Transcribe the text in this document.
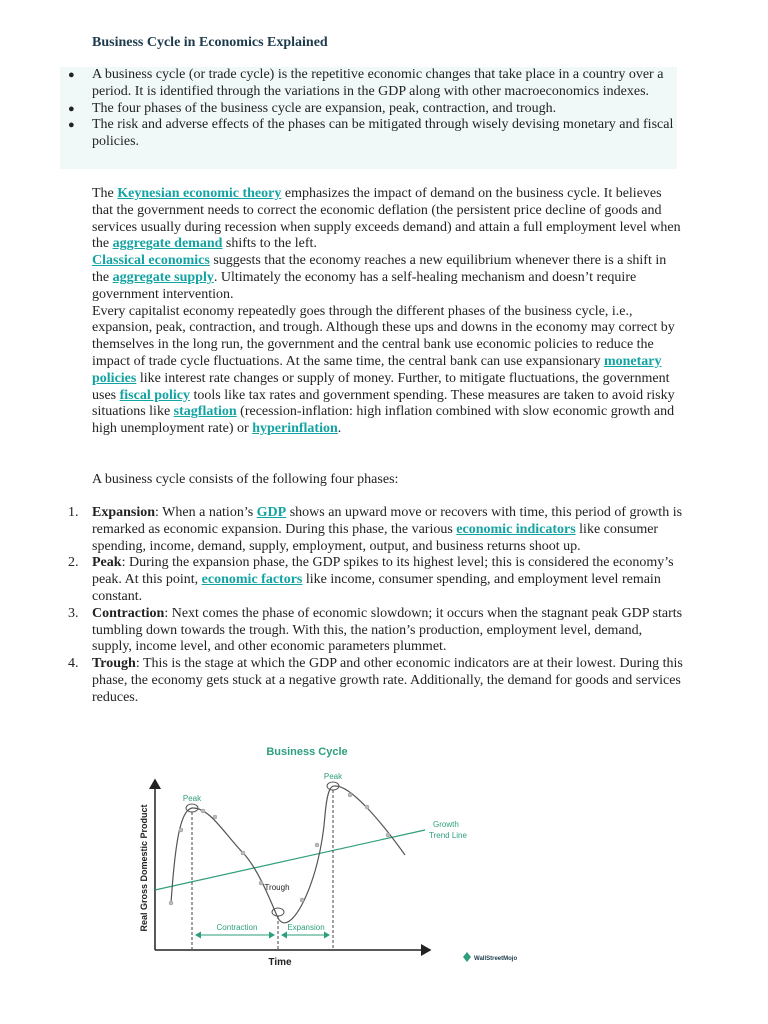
Business Cycle in Economics Explained
● A business cycle (or trade cycle) is the repetitive economic changes that take place in a country over a period. It is identified through the variations in the GDP along with other macroeconomics indexes.
● The four phases of the business cycle are expansion, peak, contraction, and trough.
● The risk and adverse effects of the phases can be mitigated through wisely devising monetary and fiscal policies.

The Keynesian economic theory emphasizes the impact of demand on the business cycle. It believes that the government needs to correct the economic deflation (the persistent price decline of goods and services usually during recession when supply exceeds demand) and attain a full employment level when the aggregate demand shifts to the left.
Classical economics suggests that the economy reaches a new equilibrium whenever there is a shift in the aggregate supply. Ultimately the economy has a self-healing mechanism and doesn’t require government intervention.
Every capitalist economy repeatedly goes through the different phases of the business cycle, i.e., expansion, peak, contraction, and trough. Although these ups and downs in the economy may correct by themselves in the long run, the government and the central bank use economic policies to reduce the impact of trade cycle fluctuations. At the same time, the central bank can use expansionary monetary policies like interest rate changes or supply of money. Further, to mitigate fluctuations, the government uses fiscal policy tools like tax rates and government spending. These measures are taken to avoid risky situations like stagflation (recession-inflation: high inflation combined with slow economic growth and high unemployment rate) or hyperinflation.

A business cycle consists of the following four phases:

1. Expansion: When a nation’s GDP shows an upward move or recovers with time, this period of growth is remarked as economic expansion. During this phase, the various economic indicators like consumer spending, income, demand, supply, employment, output, and business returns shoot up.
2. Peak: During the expansion phase, the GDP spikes to its highest level; this is considered the economy’s peak. At this point, economic factors like income, consumer spending, and employment level remain constant.
3. Contraction: Next comes the phase of economic slowdown; it occurs when the stagnant peak GDP starts tumbling down towards the trough. With this, the nation’s production, employment level, demand, supply, income level, and other economic parameters plummet.
4. Trough: This is the stage at which the GDP and other economic indicators are at their lowest. During this phase, the economy gets stuck at a negative growth rate. Additionally, the demand for goods and services reduces.
Business Cycle
Real Gross Domestic Product
Time
Growth
Trend Line
Peak
Peak
Trough
Contraction	Expansion
WallStreetMojo
